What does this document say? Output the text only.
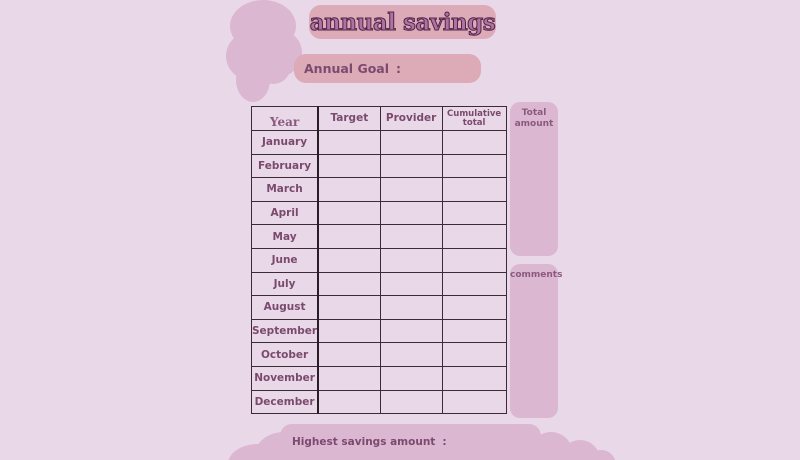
annual savings
Annual Goal :
Year	Target	Provider	Cumulative total
January			
February			
March			
April			
May			
June			
July			
August			
September			
October			
November			
December			
Total amount
comments
Highest savings amount :
